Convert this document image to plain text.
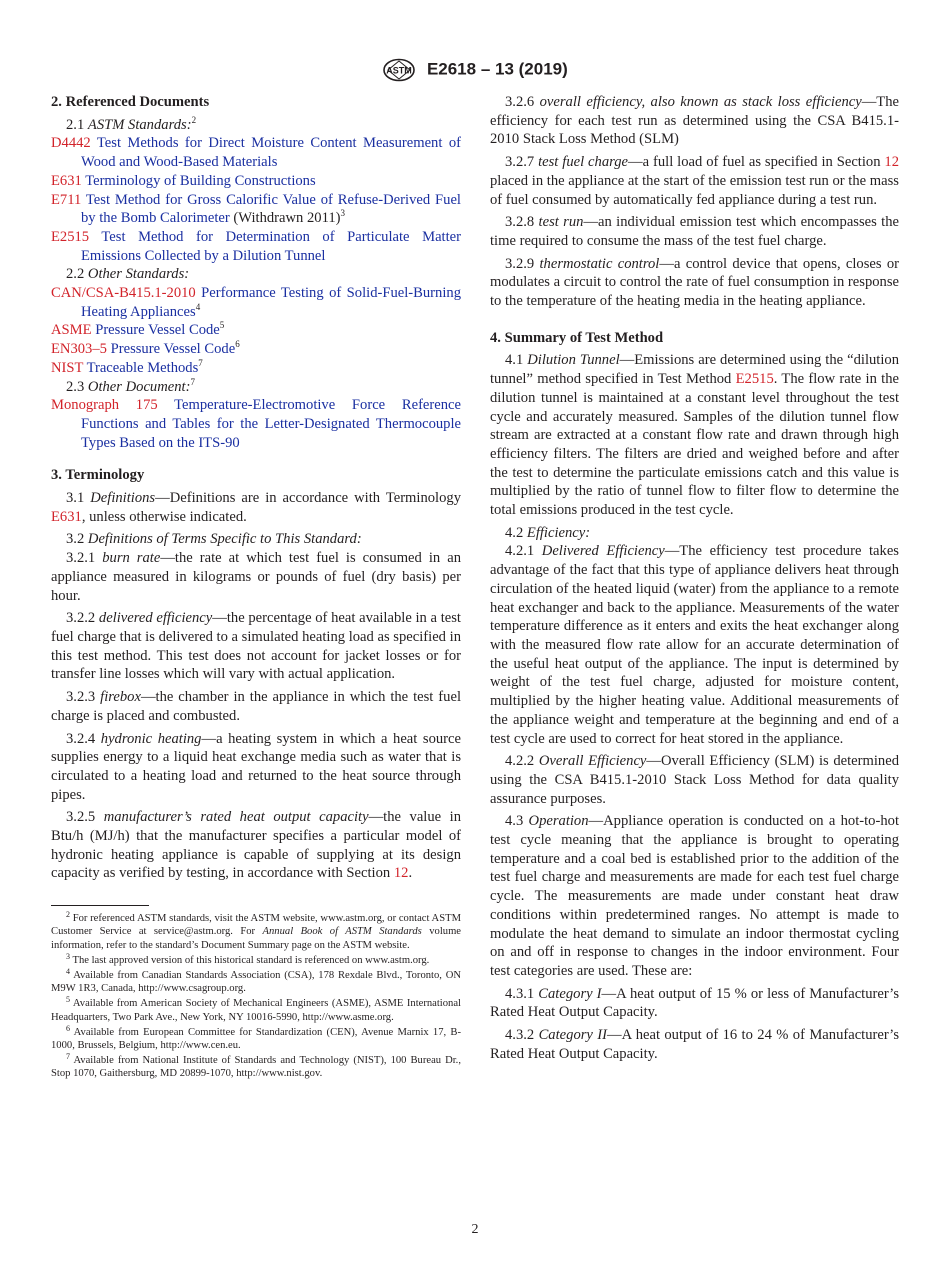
ASTM E2618 – 13 (2019)
2. Referenced Documents

2.1 ASTM Standards:$^2$

D4442 Test Methods for Direct Moisture Content Measurement of Wood and Wood-Based Materials

E631 Terminology of Building Constructions

E711 Test Method for Gross Calorific Value of Refuse-Derived Fuel by the Bomb Calorimeter (Withdrawn 2011)$^3$

E2515 Test Method for Determination of Particulate Matter Emissions Collected by a Dilution Tunnel

2.2 Other Standards:

CAN/CSA-B415.1-2010 Performance Testing of Solid-Fuel-Burning Heating Appliances$^4$

ASME Pressure Vessel Code$^5$

EN303–5 Pressure Vessel Code$^6$

NIST Traceable Methods$^7$

2.3 Other Document:$^7$

Monograph 175 Temperature-Electromotive Force Reference Functions and Tables for the Letter-Designated Thermocouple Types Based on the ITS-90

3. Terminology

3.1 Definitions—Definitions are in accordance with Terminology E631, unless otherwise indicated.

3.2 Definitions of Terms Specific to This Standard:

3.2.1 burn rate—the rate at which test fuel is consumed in an appliance measured in kilograms or pounds of fuel (dry basis) per hour.

3.2.2 delivered efficiency—the percentage of heat available in a test fuel charge that is delivered to a simulated heating load as specified in this test method. This test does not account for jacket losses or for transfer line losses which will vary with actual application.

3.2.3 firebox—the chamber in the appliance in which the test fuel charge is placed and combusted.

3.2.4 hydronic heating—a heating system in which a heat source supplies energy to a liquid heat exchange media such as water that is circulated to a heating load and returned to the heat source through pipes.

3.2.5 manufacturer’s rated heat output capacity—the value in Btu/h (MJ/h) that the manufacturer specifies a particular model of hydronic heating appliance is capable of supplying at its design capacity as verified by testing, in accordance with Section 12.

$^2$ For referenced ASTM standards, visit the ASTM website, www.astm.org, or contact ASTM Customer Service at service@astm.org. For Annual Book of ASTM Standards volume information, refer to the standard’s Document Summary page on the ASTM website.

$^3$ The last approved version of this historical standard is referenced on www.astm.org.

$^4$ Available from Canadian Standards Association (CSA), 178 Rexdale Blvd., Toronto, ON M9W 1R3, Canada, http://www.csagroup.org.

$^5$ Available from American Society of Mechanical Engineers (ASME), ASME International Headquarters, Two Park Ave., New York, NY 10016-5990, http://www.asme.org.

$^6$ Available from European Committee for Standardization (CEN), Avenue Marnix 17, B-1000, Brussels, Belgium, http://www.cen.eu.

$^7$ Available from National Institute of Standards and Technology (NIST), 100 Bureau Dr., Stop 1070, Gaithersburg, MD 20899-1070, http://www.nist.gov.

3.2.6 overall efficiency, also known as stack loss efficiency—The efficiency for each test run as determined using the CSA B415.1-2010 Stack Loss Method (SLM)

3.2.7 test fuel charge—a full load of fuel as specified in Section 12 placed in the appliance at the start of the emission test run or the mass of fuel consumed by automatically fed appliance during a test run.

3.2.8 test run—an individual emission test which encompasses the time required to consume the mass of the test fuel charge.

3.2.9 thermostatic control—a control device that opens, closes or modulates a circuit to control the rate of fuel consumption in response to the temperature of the heating media in the heating appliance.

4. Summary of Test Method

4.1 Dilution Tunnel—Emissions are determined using the “dilution tunnel” method specified in Test Method E2515. The flow rate in the dilution tunnel is maintained at a constant level throughout the test cycle and accurately measured. Samples of the dilution tunnel flow stream are extracted at a constant flow rate and drawn through high efficiency filters. The filters are dried and weighed before and after the test to determine the particulate emissions catch and this value is multiplied by the ratio of tunnel flow to filter flow to determine the total emissions produced in the test cycle.

4.2 Efficiency:

4.2.1 Delivered Efficiency—The efficiency test procedure takes advantage of the fact that this type of appliance delivers heat through circulation of the heated liquid (water) from the appliance to a remote heat exchanger and back to the appliance. Measurements of the water temperature difference as it enters and exits the heat exchanger along with the measured flow rate allow for an accurate determination of the useful heat output of the appliance. The input is determined by weight of the test fuel charge, adjusted for moisture content, multiplied by the higher heating value. Additional measurements of the appliance weight and temperature at the beginning and end of a test cycle are used to correct for heat stored in the appliance.

4.2.2 Overall Efficiency—Overall Efficiency (SLM) is determined using the CSA B415.1-2010 Stack Loss Method for data quality assurance purposes.

4.3 Operation—Appliance operation is conducted on a hot-to-hot test cycle meaning that the appliance is brought to operating temperature and a coal bed is established prior to the addition of the test fuel charge and measurements are made for each test fuel charge cycle. The measurements are made under constant heat draw conditions within predetermined ranges. No attempt is made to modulate the heat demand to simulate an indoor thermostat cycling on and off in response to changes in the indoor environment. Four test categories are used. These are:

4.3.1 Category I—A heat output of 15 % or less of Manufacturer’s Rated Heat Output Capacity.

4.3.2 Category II—A heat output of 16 to 24 % of Manufacturer’s Rated Heat Output Capacity.

2
